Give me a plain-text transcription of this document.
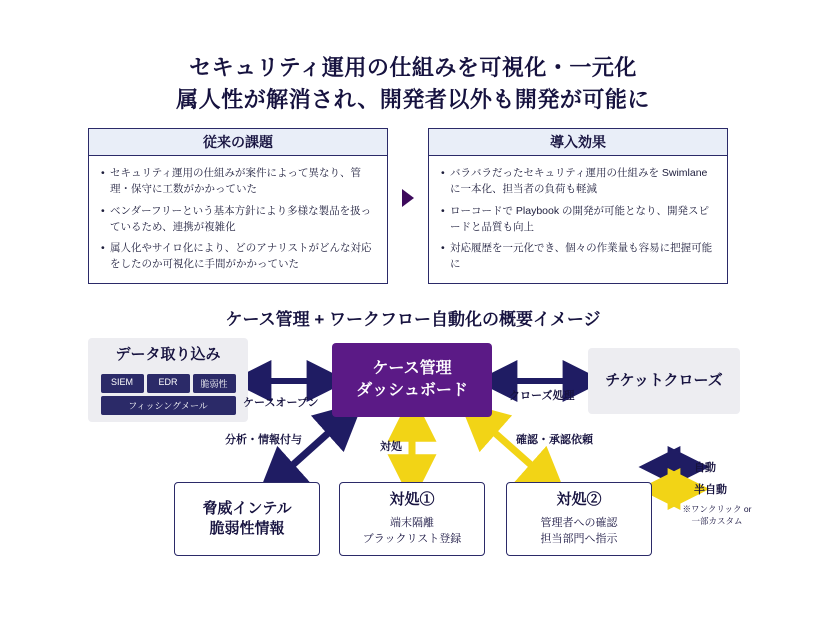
セキュリティ運用の仕組みを可視化・一元化
属人性が解消され、開発者以外も開発が可能に
従来の課題
• セキュリティ運用の仕組みが案件によって異なり、管理・保守に工数がかかっていた
• ベンダーフリーという基本方針により多様な製品を扱っているため、連携が複雑化
• 属人化やサイロ化により、どのアナリストがどんな対応をしたのか可視化に手間がかかっていた
導入効果
• バラバラだったセキュリティ運用の仕組みを Swimlane に一本化、担当者の負荷も軽減
• ローコードで Playbook の開発が可能となり、開発スピードと品質も向上
• 対応履歴を一元化でき、個々の作業量も容易に把握可能に
ケース管理 + ワークフロー自動化の概要イメージ
データ取り込み
SIEM	EDR	脆弱性
フィッシングメール
ケース管理
ダッシュボード
チケットクローズ
脅威インテル
脆弱性情報
対処①
端末隔離
ブラックリスト登録
対処②
管理者への確認
担当部門へ指示
ケースオープン
クローズ処理
分析・情報付与
対処
確認・承認依頼
自動
半自動
※ワンクリック or
一部カスタム
